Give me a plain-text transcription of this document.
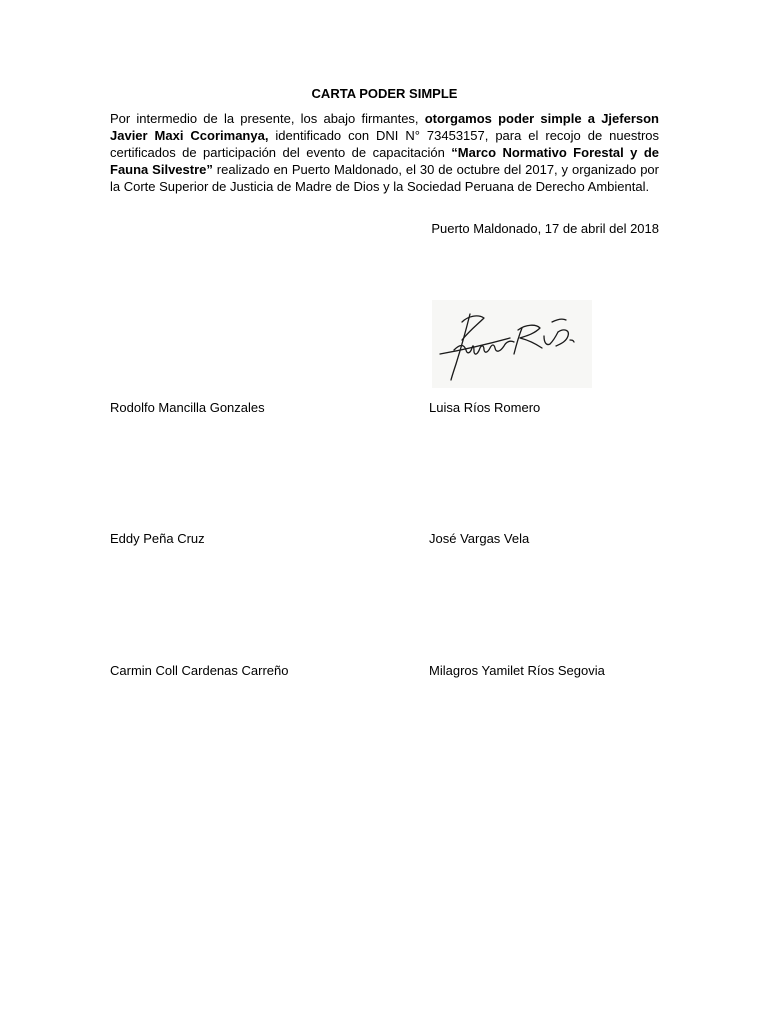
CARTA PODER SIMPLE

Por intermedio de la presente, los abajo firmantes, otorgamos poder simple a Jjeferson Javier Maxi Ccorimanya, identificado con DNI N° 73453157, para el recojo de nuestros certificados de participación del evento de capacitación “Marco Normativo Forestal y de Fauna Silvestre” realizado en Puerto Maldonado, el 30 de octubre del 2017, y organizado por la Corte Superior de Justicia de Madre de Dios y la Sociedad Peruana de Derecho Ambiental.

Puerto Maldonado, 17 de abril del 2018
Rodolfo Mancilla Gonzales	Luisa Ríos Romero
Eddy Peña Cruz	José Vargas Vela
Carmin Coll Cardenas Carreño	Milagros Yamilet Ríos Segovia
